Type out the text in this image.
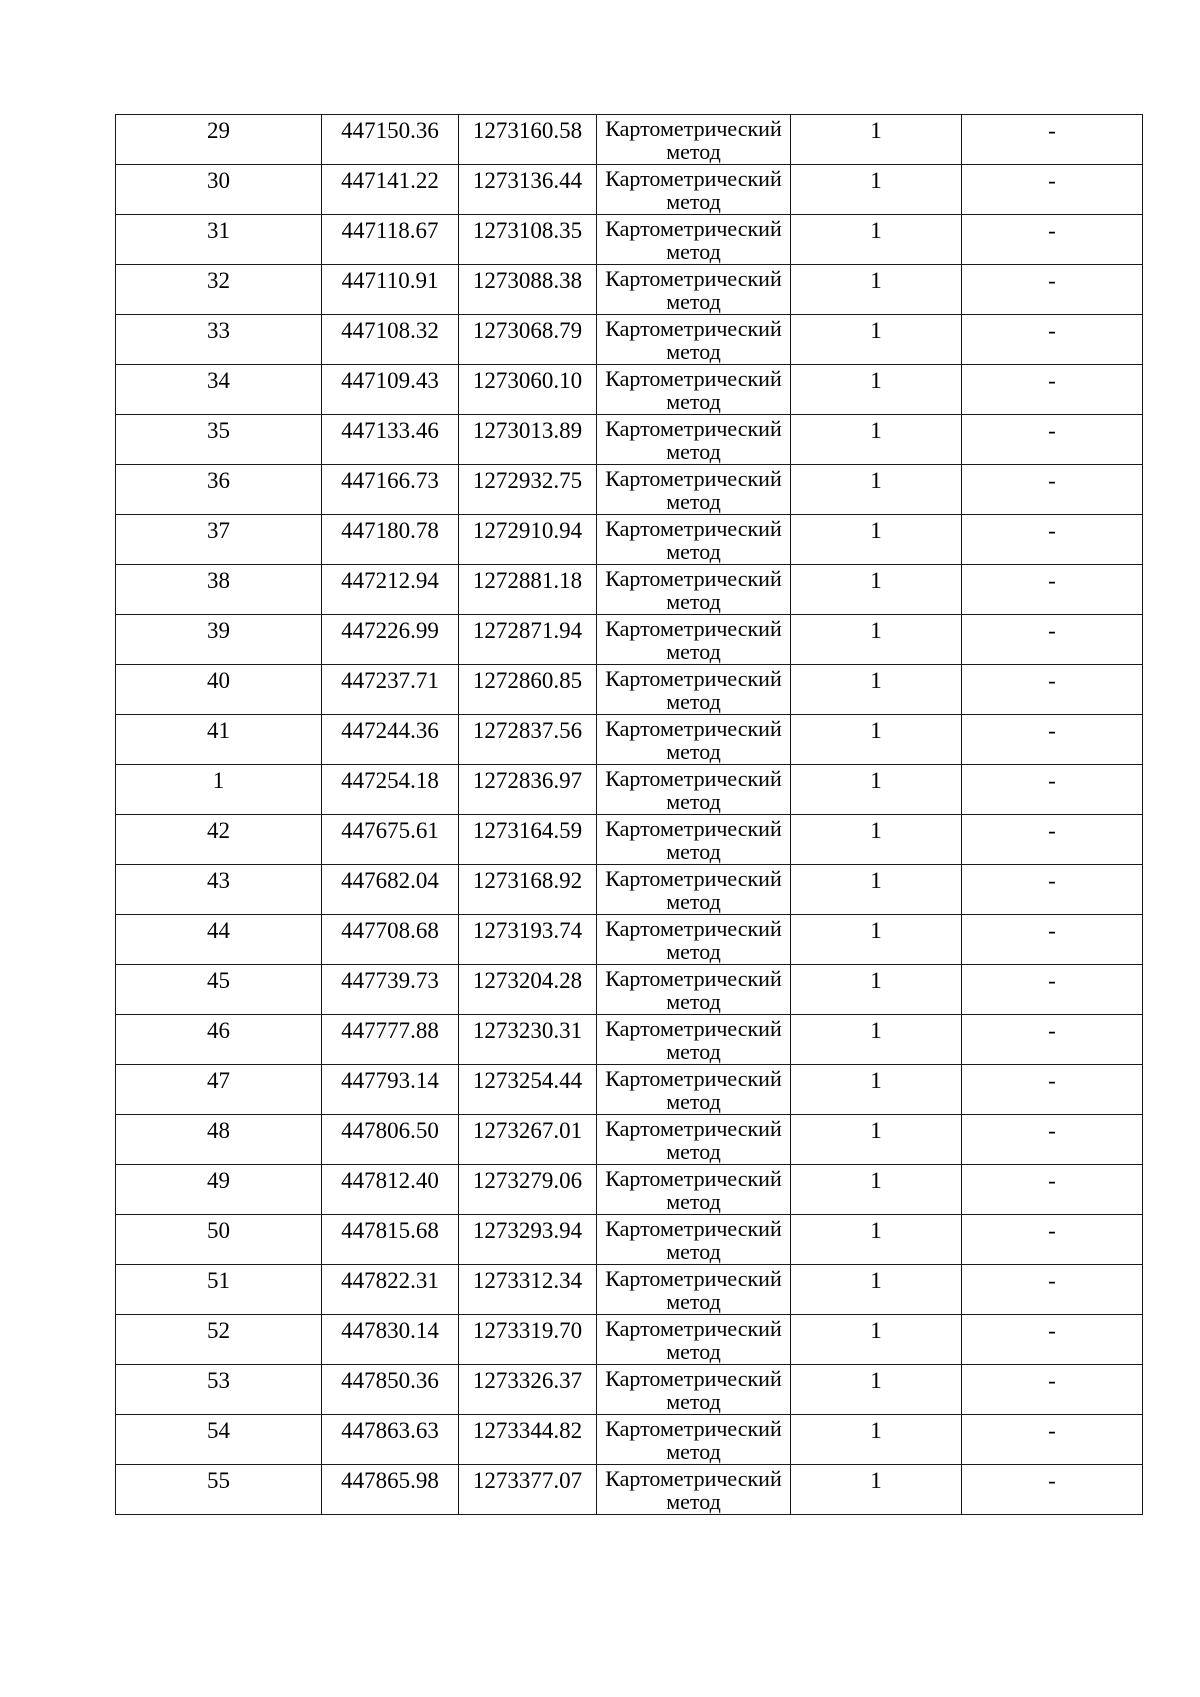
29	447150.36	1273160.58	Картометрический метод	1	-

30	447141.22	1273136.44	Картометрический метод	1	-

31	447118.67	1273108.35	Картометрический метод	1	-

32	447110.91	1273088.38	Картометрический метод	1	-

33	447108.32	1273068.79	Картометрический метод	1	-

34	447109.43	1273060.10	Картометрический метод	1	-

35	447133.46	1273013.89	Картометрический метод	1	-

36	447166.73	1272932.75	Картометрический метод	1	-

37	447180.78	1272910.94	Картометрический метод	1	-

38	447212.94	1272881.18	Картометрический метод	1	-

39	447226.99	1272871.94	Картометрический метод	1	-

40	447237.71	1272860.85	Картометрический метод	1	-

41	447244.36	1272837.56	Картометрический метод	1	-

1	447254.18	1272836.97	Картометрический метод	1	-

42	447675.61	1273164.59	Картометрический метод	1	-

43	447682.04	1273168.92	Картометрический метод	1	-

44	447708.68	1273193.74	Картометрический метод	1	-

45	447739.73	1273204.28	Картометрический метод	1	-

46	447777.88	1273230.31	Картометрический метод	1	-

47	447793.14	1273254.44	Картометрический метод	1	-

48	447806.50	1273267.01	Картометрический метод	1	-

49	447812.40	1273279.06	Картометрический метод	1	-

50	447815.68	1273293.94	Картометрический метод	1	-

51	447822.31	1273312.34	Картометрический метод	1	-

52	447830.14	1273319.70	Картометрический метод	1	-

53	447850.36	1273326.37	Картометрический метод	1	-

54	447863.63	1273344.82	Картометрический метод	1	-

55	447865.98	1273377.07	Картометрический метод	1	-
